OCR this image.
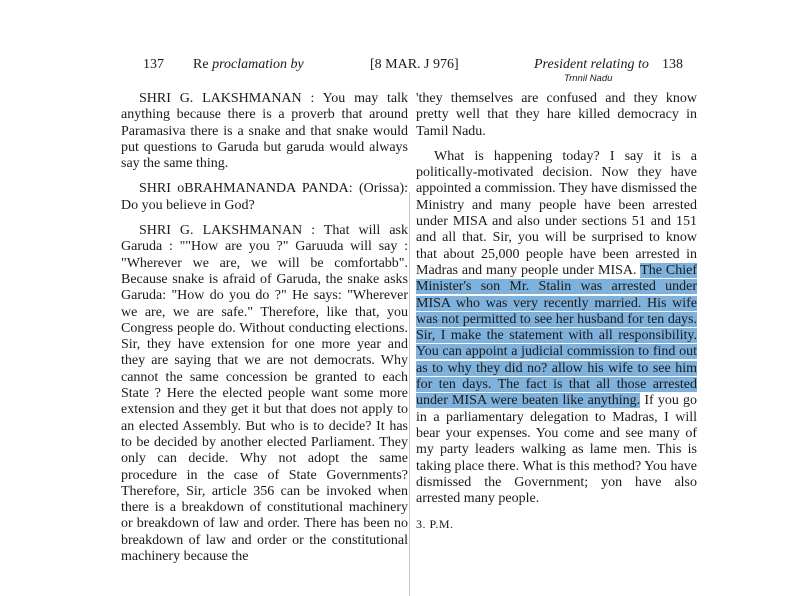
137 Re proclamation by	[8 MAR. J 976]	President relating to 138
Trnnil Nadu

SHRI G. LAKSHMANAN : You may talk anything because there is a proverb that around Paramasiva there is a snake and that snake would put questions to Garuda but garuda would always say the same thing.

SHRI oBRAHMANANDA PANDA: (Orissa): Do you believe in God?

SHRI G. LAKSHMANAN : That will ask Garuda : ""How are you ?" Garuuda will say : "Wherever we are, we will be comfortabb". Because snake is afraid of Garuda, the snake asks Garuda: "How do you do ?" He says: "Wherever we are, we are safe." Therefore, like that, you Congress people do. Without conducting elections. Sir, they have extension for one more year and they are saying that we are not democrats. Why cannot the same concession be granted to each State ? Here the elected people want some more extension and they get it but that does not apply to an elected Assembly. But who is to decide? It has to be decided by another elected Parliament. They only can decide. Why not adopt the same procedure in the case of State Governments? Therefore, Sir, article 356 can be invoked when there is a breakdown of constitutional machinery or breakdown of law and order. There has been no breakdown of law and order or the constitutional machinery because the

'they themselves are confused and they know pretty well that they hare killed democracy in Tamil Nadu.

What is happening today? I say it is a politically-motivated decision. Now they have appointed a commission. They have dismissed the Ministry and many people have been arrested under MISA and also under sections 51 and 151 and all that. Sir, you will be surprised to know that about 25,000 people have been arrested in Madras and many people under MISA. The Chief Minister's son Mr. Stalin was arrested under MISA who was very recently married. His wife was not permitted to see her husband for ten days. Sir, I make the statement with all responsibility. You can appoint a judicial commission to find out as to why they did no? allow his wife to see him for ten days. The fact is that all those arrested under MISA were beaten like anything. If you go in a parliamentary delegation to Madras, I will bear your expenses. You come and see many of my party leaders walking as lame men. This is taking place there. What is this method? You have dismissed the Government; yon have also arrested many people.

3. P.M.
